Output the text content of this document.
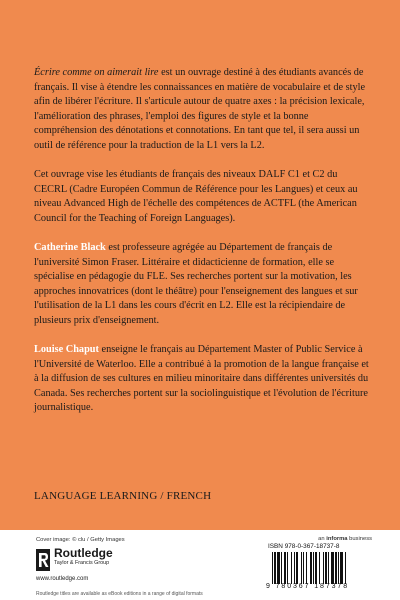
Écrire comme on aimerait lire est un ouvrage destiné à des étudiants avancés de français. Il vise à étendre les connaissances en matière de vocabulaire et de style afin de libérer l'écriture. Il s'articule autour de quatre axes : la précision lexicale, l'amélioration des phrases, l'emploi des figures de style et la bonne compréhension des dénotations et connotations. En tant que tel, il sera aussi un outil de référence pour la traduction de la L1 vers la L2.

Cet ouvrage vise les étudiants de français des niveaux DALF C1 et C2 du CECRL (Cadre Européen Commun de Référence pour les Langues) et ceux au niveau Advanced High de l'échelle des compétences de ACTFL (the American Council for the Teaching of Foreign Languages).

Catherine Black est professeure agrégée au Département de français de l'université Simon Fraser. Littéraire et didacticienne de formation, elle se spécialise en pédagogie du FLE. Ses recherches portent sur la motivation, les approches innovatrices (dont le théâtre) pour l'enseignement des langues et sur l'utilisation de la L1 dans les cours d'écrit en L2. Elle est la récipiendaire de plusieurs prix d'enseignement.

Louise Chaput enseigne le français au Département Master of Public Service à l'Université de Waterloo. Elle a contribué à la promotion de la langue française et à la diffusion de ses cultures en milieu minoritaire dans différentes universités du Canada. Ses recherches portent sur la sociolinguistique et l'évolution de l'écriture journalistique.

LANGUAGE LEARNING / FRENCH
Cover image: © clu / Getty Images	an informa business
Routledge
Taylor & Francis Group
www.routledge.com
Routledge titles are available as eBook editions in a range of digital formats
ISBN 978-0-367-18737-8
9 780367 187378
